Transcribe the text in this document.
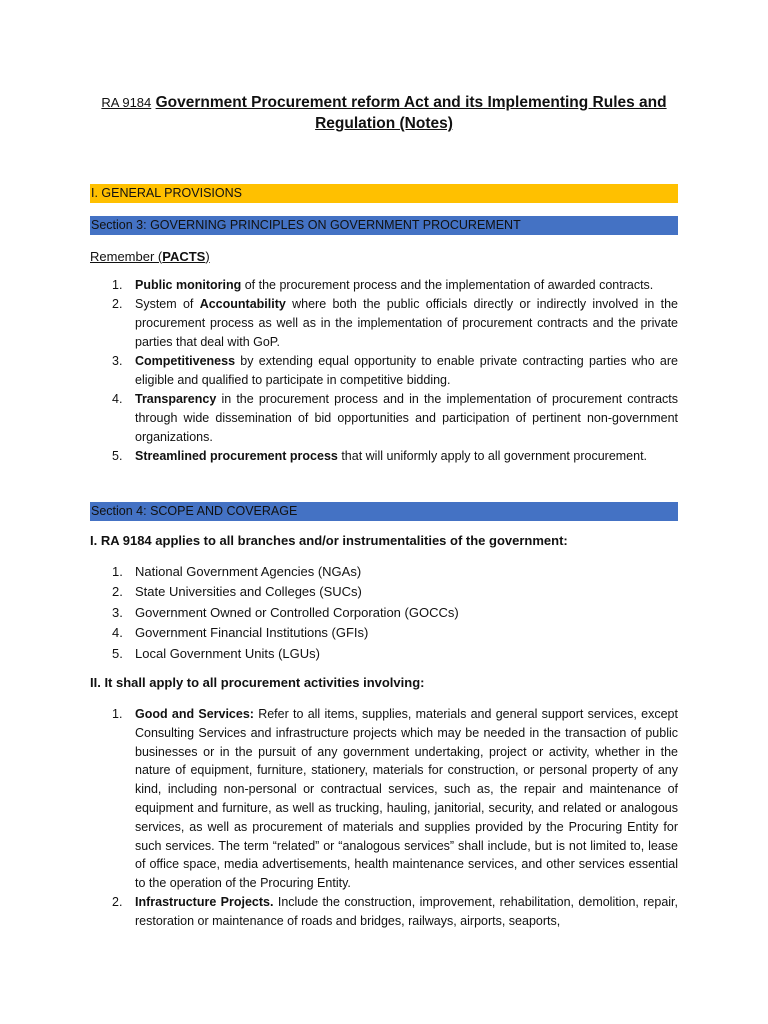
RA 9184 Government Procurement reform Act and its Implementing Rules and Regulation (Notes)

I. GENERAL PROVISIONS
Section 3: GOVERNING PRINCIPLES ON GOVERNMENT PROCUREMENT
Remember (PACTS)
1. Public monitoring of the procurement process and the implementation of awarded contracts.
2. System of Accountability where both the public officials directly or indirectly involved in the procurement process as well as in the implementation of procurement contracts and the private parties that deal with GoP.
3. Competitiveness by extending equal opportunity to enable private contracting parties who are eligible and qualified to participate in competitive bidding.
4. Transparency in the procurement process and in the implementation of procurement contracts through wide dissemination of bid opportunities and participation of pertinent non-government organizations.
5. Streamlined procurement process that will uniformly apply to all government procurement.
Section 4: SCOPE AND COVERAGE
I. RA 9184 applies to all branches and/or instrumentalities of the government:
1. National Government Agencies (NGAs)
2. State Universities and Colleges (SUCs)
3. Government Owned or Controlled Corporation (GOCCs)
4. Government Financial Institutions (GFIs)
5. Local Government Units (LGUs)
II. It shall apply to all procurement activities involving:
1. Good and Services: Refer to all items, supplies, materials and general support services, except Consulting Services and infrastructure projects which may be needed in the transaction of public businesses or in the pursuit of any government undertaking, project or activity, whether in the nature of equipment, furniture, stationery, materials for construction, or personal property of any kind, including non-personal or contractual services, such as, the repair and maintenance of equipment and furniture, as well as trucking, hauling, janitorial, security, and related or analogous services, as well as procurement of materials and supplies provided by the Procuring Entity for such services. The term “related” or “analogous services” shall include, but is not limited to, lease of office space, media advertisements, health maintenance services, and other services essential to the operation of the Procuring Entity.
2. Infrastructure Projects. Include the construction, improvement, rehabilitation, demolition, repair, restoration or maintenance of roads and bridges, railways, airports, seaports,
